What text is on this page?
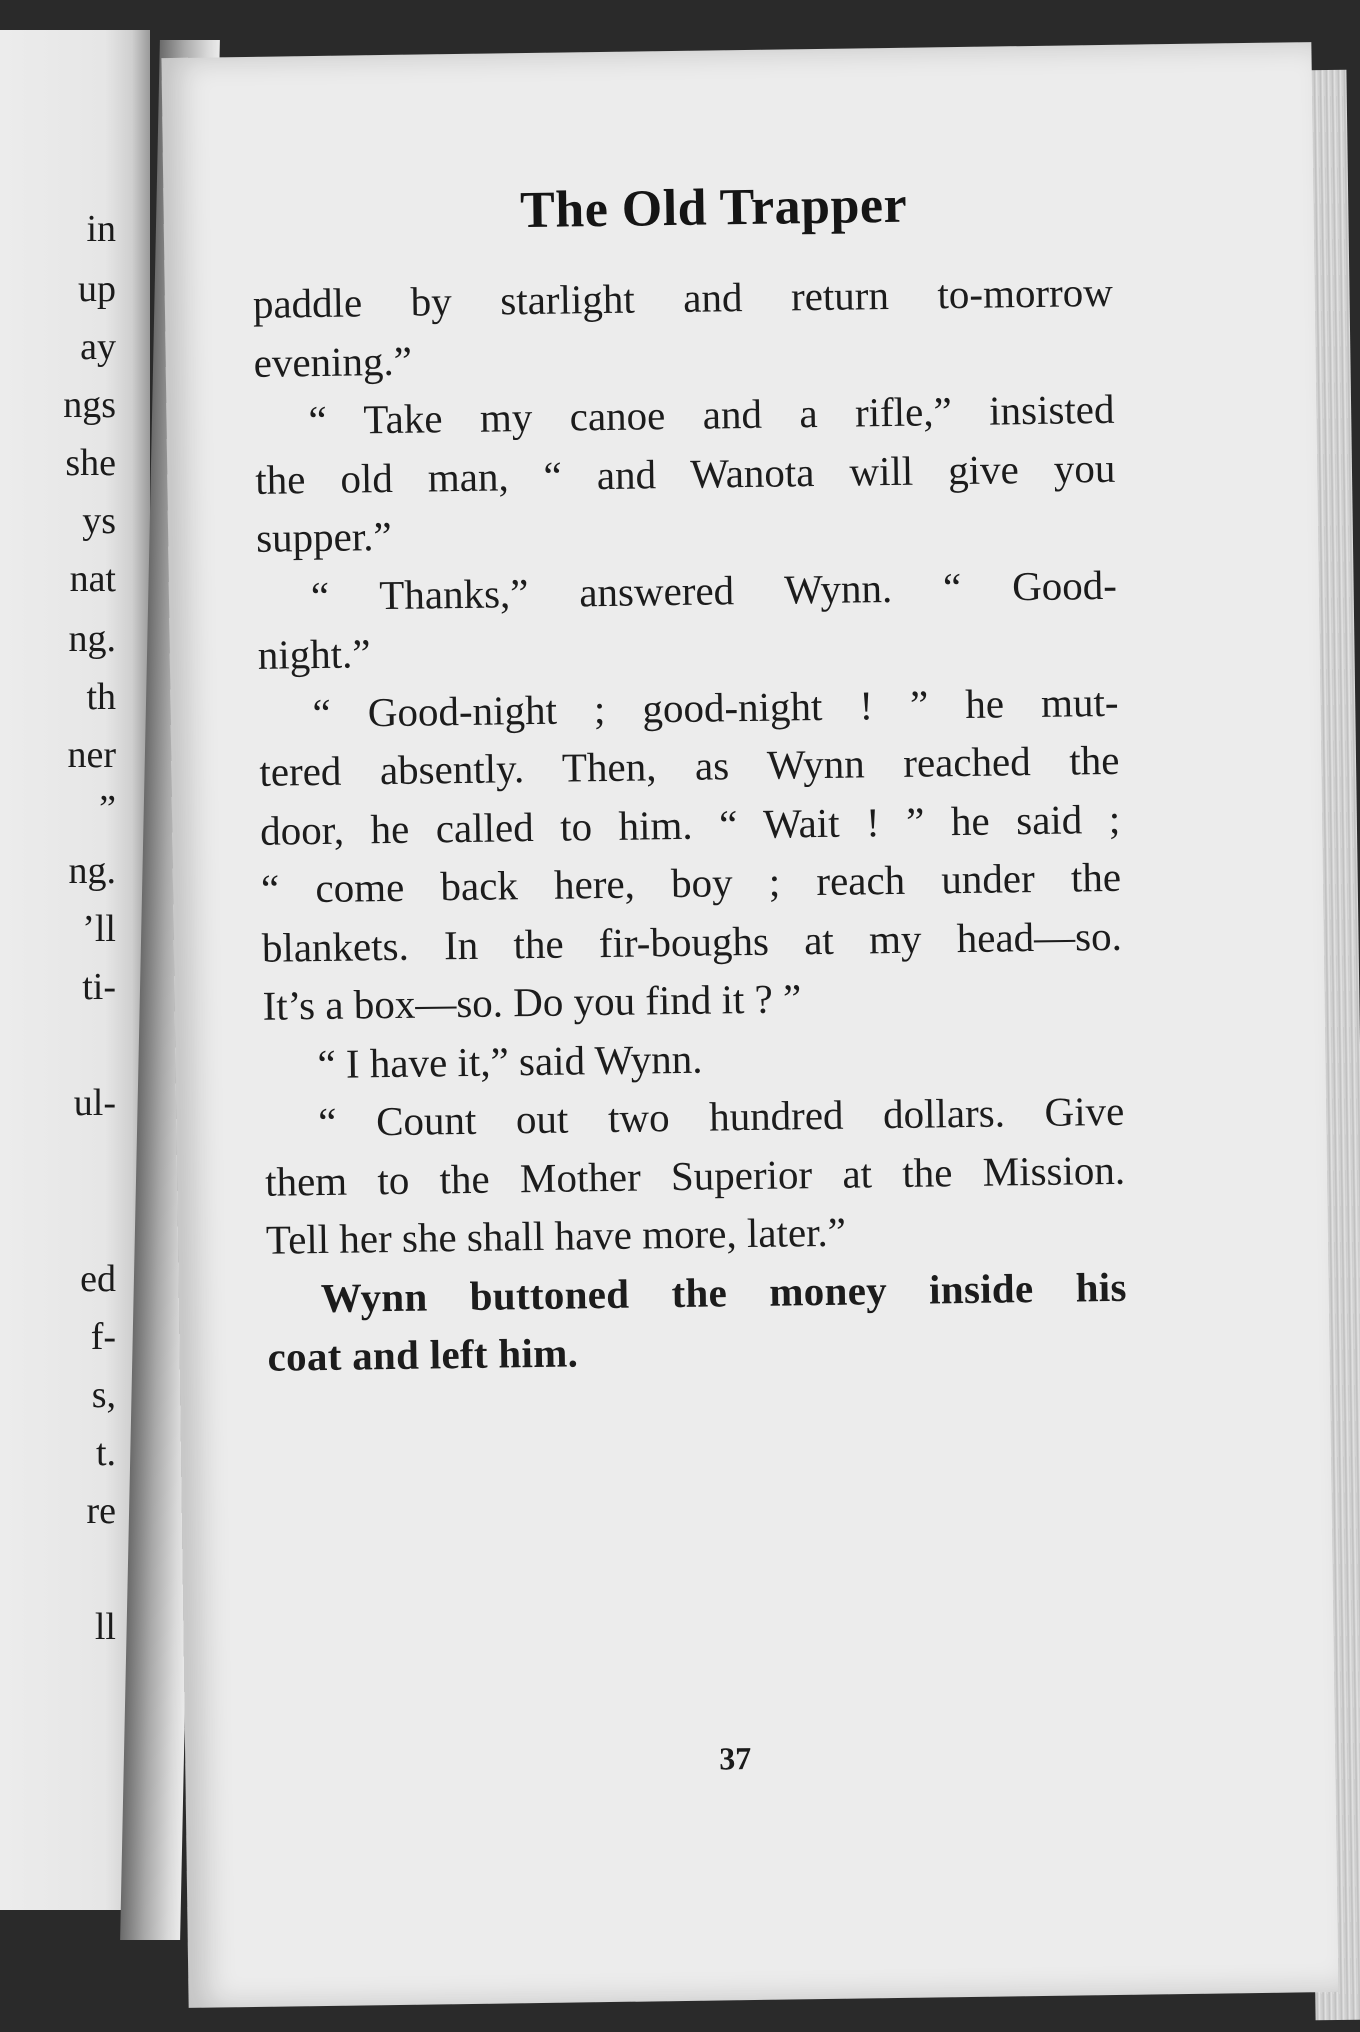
in
up
ay
ngs
she
ys
nat
ng.
th
ner
”
ng.
’ll
ti-
ul-
ed
f-
s,
t.
re
ll
The Old Trapper
paddle by starlight and return to-morrow
evening.”
“ Take my canoe and a rifle,” insisted
the old man, “ and Wanota will give you
supper.”
“ Thanks,” answered Wynn. “ Good-
night.”
“ Good-night ; good-night ! ” he mut-
tered absently. Then, as Wynn reached the
door, he called to him. “ Wait ! ” he said ;
“ come back here, boy ; reach under the
blankets. In the fir-boughs at my head—so.
It’s a box—so. Do you find it ? ”
“ I have it,” said Wynn.
“ Count out two hundred dollars. Give
them to the Mother Superior at the Mission.
Tell her she shall have more, later.”
Wynn buttoned the money inside his
coat and left him.
37
